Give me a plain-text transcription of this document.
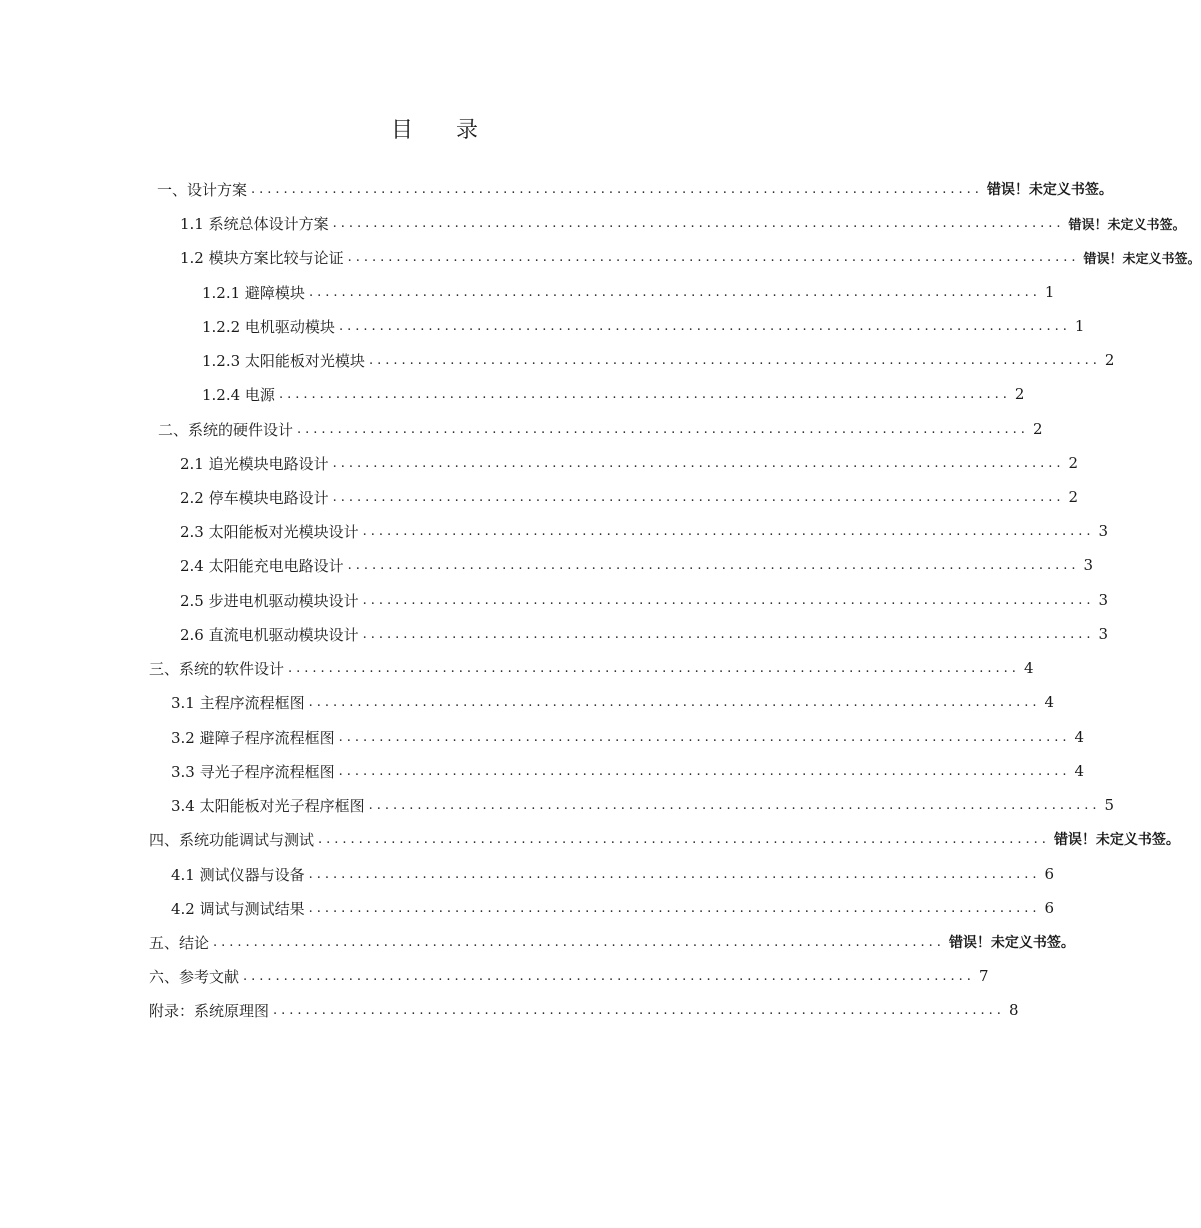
目 录
一、设计方案 .......................................................................................... 错误！未定义书签。
1.1 系统总体设计方案 .......................................................................................... 错误！未定义书签。
1.2 模块方案比较与论证 .......................................................................................... 错误！未定义书签。
1.2.1 避障模块 .......................................................................................... 1
1.2.2 电机驱动模块 .......................................................................................... 1
1.2.3 太阳能板对光模块 .......................................................................................... 2
1.2.4 电源 .......................................................................................... 2
二、系统的硬件设计 .......................................................................................... 2
2.1 追光模块电路设计 .......................................................................................... 2
2.2 停车模块电路设计 .......................................................................................... 2
2.3 太阳能板对光模块设计 .......................................................................................... 3
2.4 太阳能充电电路设计 .......................................................................................... 3
2.5 步进电机驱动模块设计 .......................................................................................... 3
2.6 直流电机驱动模块设计 .......................................................................................... 3
三、系统的软件设计 .......................................................................................... 4
3.1 主程序流程框图 .......................................................................................... 4
3.2 避障子程序流程框图 .......................................................................................... 4
3.3 寻光子程序流程框图 .......................................................................................... 4
3.4 太阳能板对光子程序框图 .......................................................................................... 5
四、系统功能调试与测试 .......................................................................................... 错误！未定义书签。
4.1 测试仪器与设备 .......................................................................................... 6
4.2 调试与测试结果 .......................................................................................... 6
五、结论 .......................................................................................... 错误！未定义书签。
六、参考文献 .......................................................................................... 7
附录：系统原理图 .......................................................................................... 8
